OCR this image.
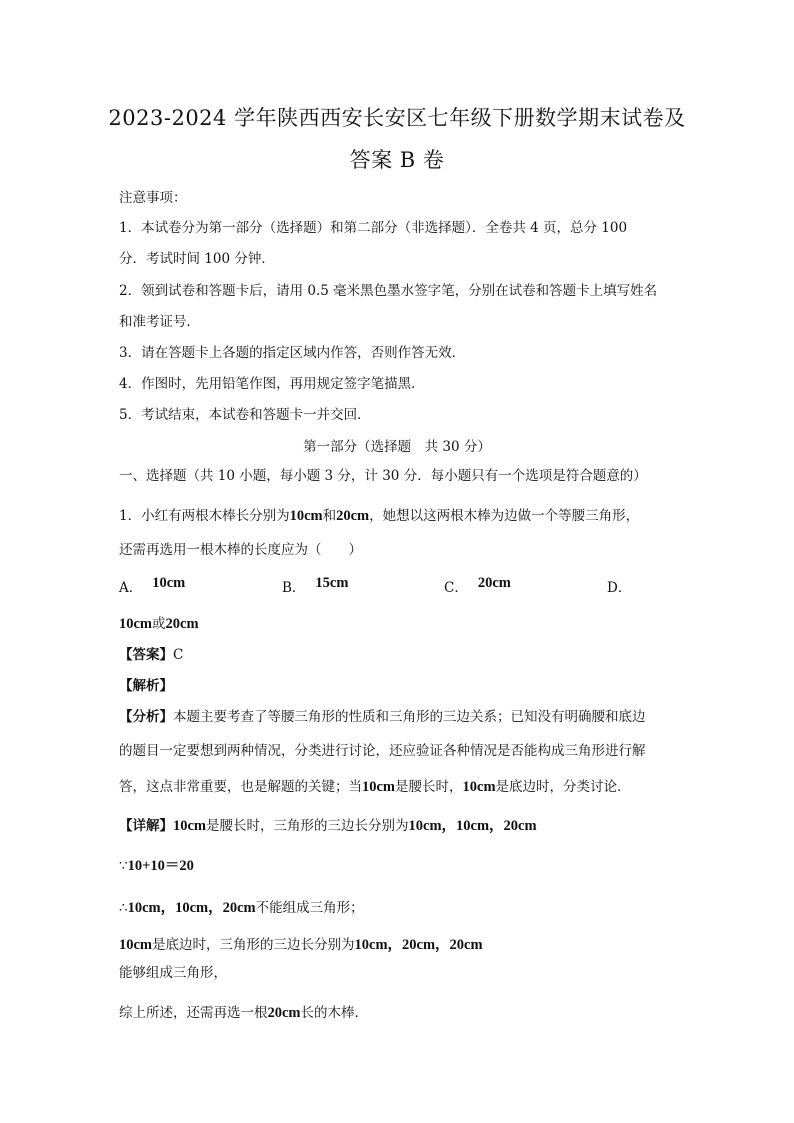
2023-2024 学年陕西西安长安区七年级下册数学期末试卷及
答案 B 卷
注意事项：
1．本试卷分为第一部分（选择题）和第二部分（非选择题）．全卷共 4 页，总分 100
分．考试时间 100 分钟．
2．领到试卷和答题卡后，请用 0.5 毫米黑色墨水签字笔，分别在试卷和答题卡上填写姓名
和准考证号．
3．请在答题卡上各题的指定区域内作答，否则作答无效．
4．作图时，先用铅笔作图，再用规定签字笔描黑．
5．考试结束，本试卷和答题卡一并交回．
第一部分（选择题　共 30 分）
一、选择题（共 10 小题，每小题 3 分，计 30 分．每小题只有一个选项是符合题意的）
1．小红有两根木棒长分别为10cm和20cm，她想以这两根木棒为边做一个等腰三角形，
还需再选用一根木棒的长度应为（　　）
A． 10cm	B． 15cm	C． 20cm	D．
10cm或20cm
【答案】C
【解析】
【分析】本题主要考查了等腰三角形的性质和三角形的三边关系；已知没有明确腰和底边
的题目一定要想到两种情况，分类进行讨论，还应验证各种情况是否能构成三角形进行解
答，这点非常重要，也是解题的关键；当10cm是腰长时，10cm是底边时，分类讨论．
【详解】10cm是腰长时，三角形的三边长分别为10cm，10cm，20cm
∵10+10＝20
∴10cm，10cm，20cm不能组成三角形；
10cm是底边时，三角形的三边长分别为10cm，20cm，20cm
能够组成三角形，
综上所述，还需再选一根20cm长的木棒．
